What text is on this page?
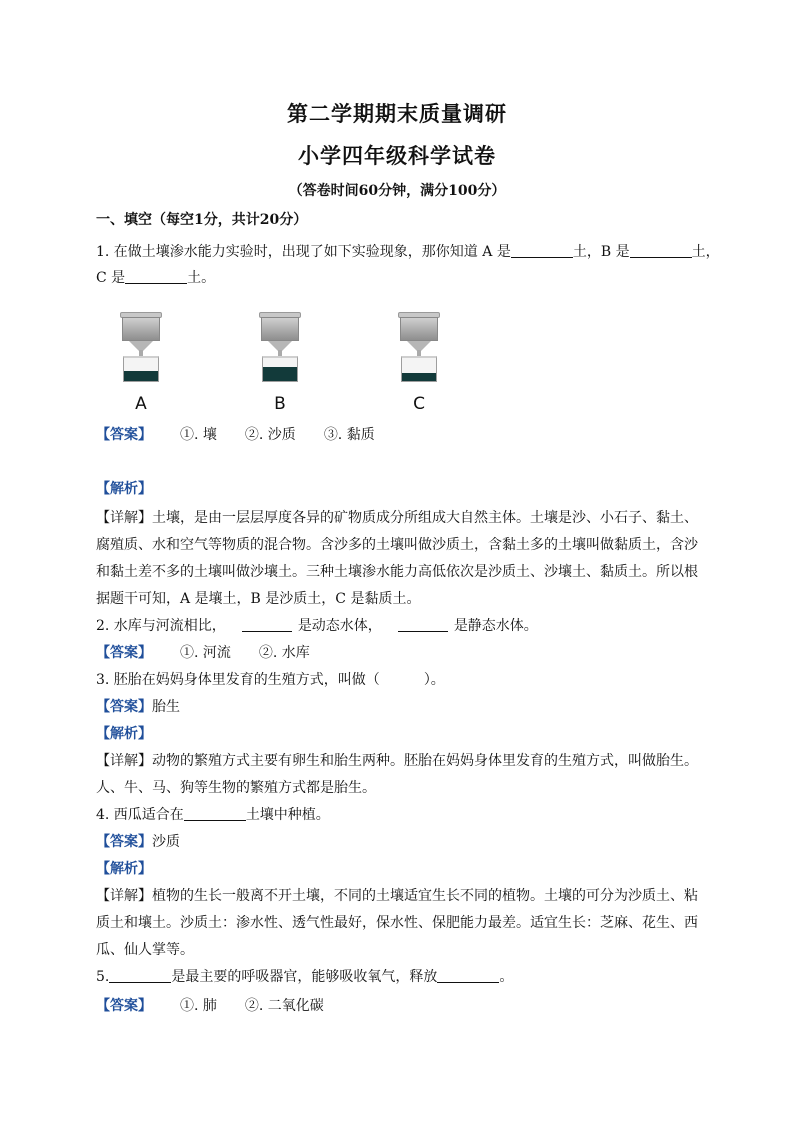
第二学期期末质量调研
小学四年级科学试卷
（答卷时间60分钟，满分100分）
一、填空（每空1分，共计20分）
1. 在做土壤渗水能力实验时，出现了如下实验现象，那你知道 A 是	土，B 是	土，
C 是	土。
A	B	C
【答案】 ①. 壤 ②. 沙质 ③. 黏质
【解析】
【详解】土壤，是由一层层厚度各异的矿物质成分所组成大自然主体。土壤是沙、小石子、黏土、
腐殖质、水和空气等物质的混合物。含沙多的土壤叫做沙质土，含黏土多的土壤叫做黏质土，含沙
和黏土差不多的土壤叫做沙壤土。三种土壤渗水能力高低依次是沙质土、沙壤土、黏质土。所以根
据题干可知，A 是壤土，B 是沙质土，C 是黏质土。
2. 水库与河流相比，	是动态水体，	是静态水体。
【答案】 ①. 河流 ②. 水库
3. 胚胎在妈妈身体里发育的生殖方式，叫做（	）。
【答案】胎生
【解析】
【详解】动物的繁殖方式主要有卵生和胎生两种。胚胎在妈妈身体里发育的生殖方式，叫做胎生。
人、牛、马、狗等生物的繁殖方式都是胎生。
4. 西瓜适合在	土壤中种植。
【答案】沙质
【解析】
【详解】植物的生长一般离不开土壤，不同的土壤适宜生长不同的植物。土壤的可分为沙质土、粘
质土和壤土。沙质土：渗水性、透气性最好，保水性、保肥能力最差。适宜生长：芝麻、花生、西
瓜、仙人掌等。
5.	是最主要的呼吸器官，能够吸收氧气，释放	。
【答案】 ①. 肺 ②. 二氧化碳
